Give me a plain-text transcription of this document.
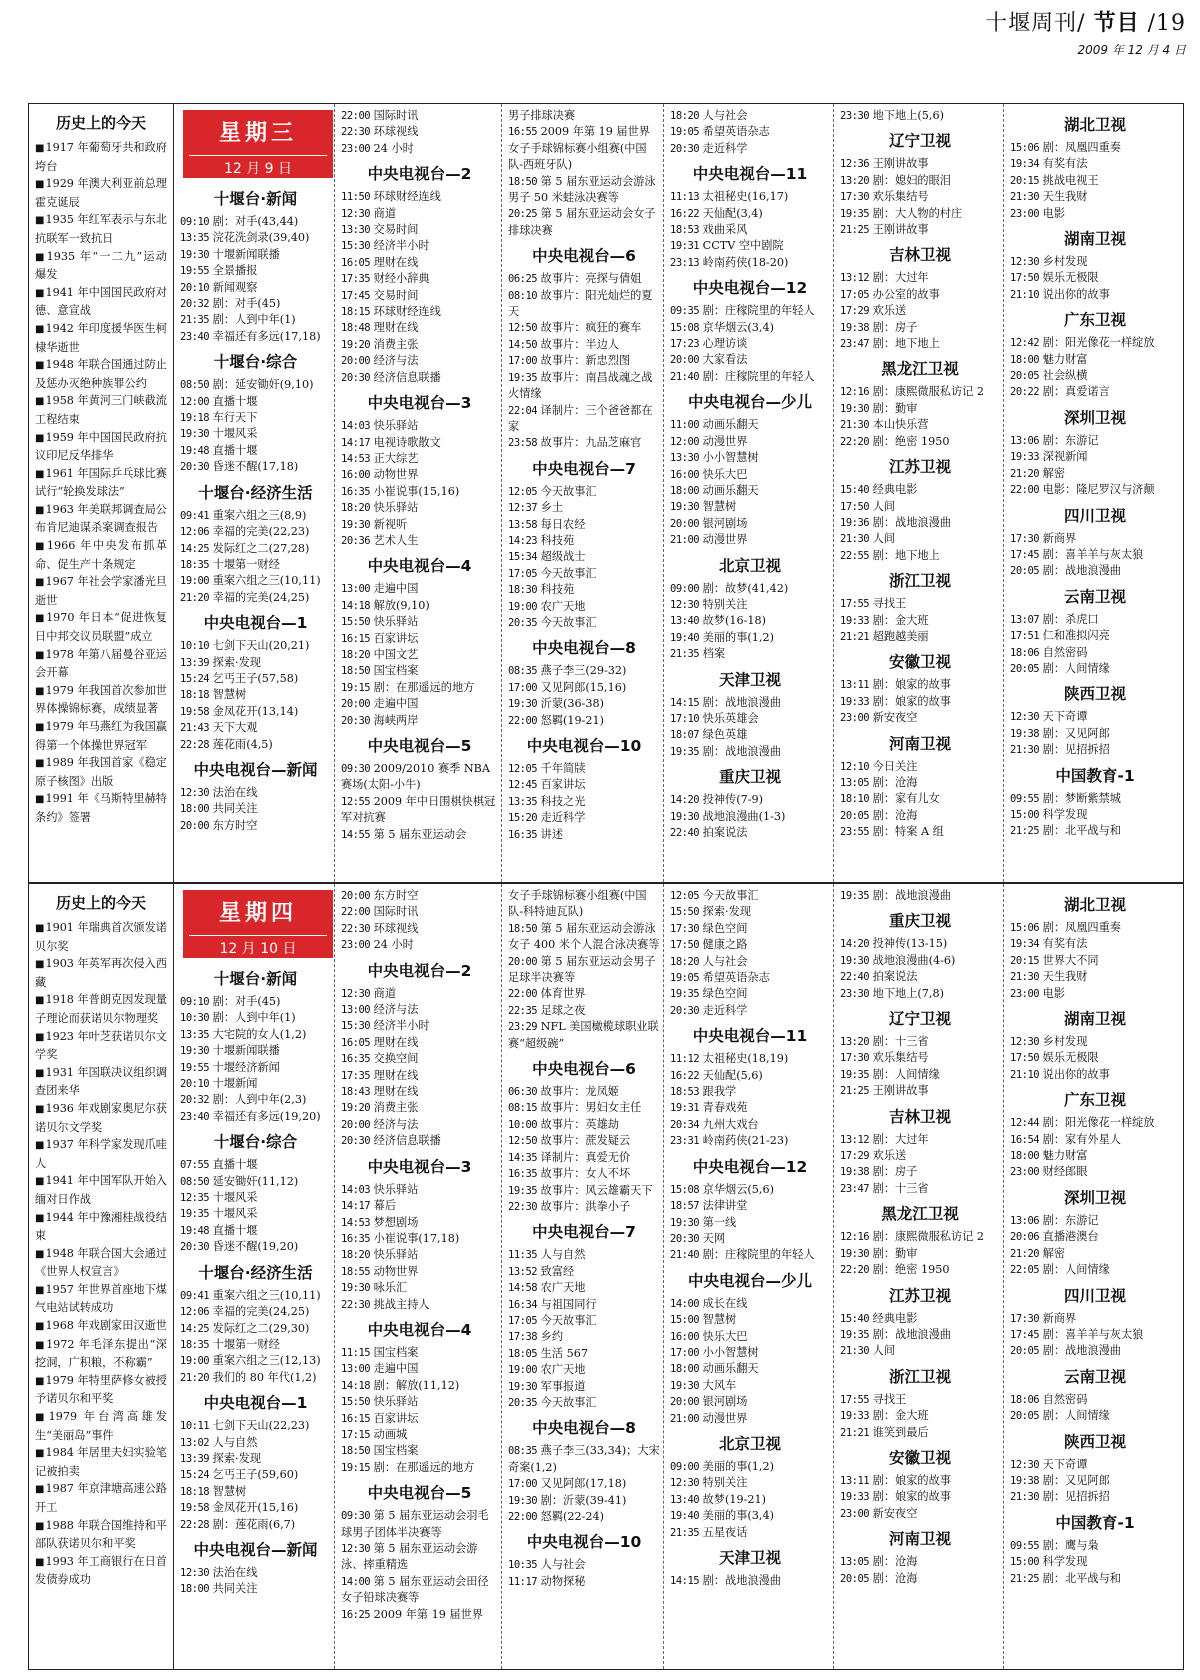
十堰周刊/ 节目 /19
2009 年 12 月 4 日
历史上的今天
■1917 年葡萄牙共和政府垮台
■1929 年澳大利亚前总理霍克诞辰
■1935 年红军表示与东北抗联军一致抗日
■1935 年“一二九”运动爆发
■1941 年中国国民政府对德、意宣战
■1942 年印度援华医生柯棣华逝世
■1948 年联合国通过防止及惩办灭绝种族罪公约
■1958 年黄河三门峡截流工程结束
■1959 年中国国民政府抗议印尼反华排华
■1961 年国际乒乓球比赛试行“轮换发球法”
■1963 年美联邦调查局公布肯尼迪谋杀案调查报告
■1966 年中央发布抓革命、促生产十条规定
■1967 年社会学家潘光旦逝世
■1970 年日本“促进恢复日中邦交议员联盟”成立
■1978 年第八届曼谷亚运会开幕
■1979 年我国首次参加世界体操锦标赛，成绩显著
■1979 年马燕红为我国赢得第一个体操世界冠军
■1989 年我国首家《稳定原子核图》出版
■1991 年《马斯特里赫特条约》签署
星期三
12 月 9 日
十堰台·新闻
09:10 剧：对手(43,44)
13:35 浣花洗剑录(39,40)
19:30 十堰新闻联播
19:55 全景播报
20:10 新闻观察
20:32 剧：对手(45)
21:35 剧：人到中年(1)
23:40 幸福还有多远(17,18)
十堰台·综合
08:50 剧：延安锄奸(9,10)
12:00 直播十堰
19:18 车行天下
19:30 十堰风采
19:48 直播十堰
20:30 昏迷不醒(17,18)
十堰台·经济生活
09:41 重案六组之三(8,9)
12:06 幸福的完美(22,23)
14:25 发际红之二(27,28)
18:35 十堰第一财经
19:00 重案六组之三(10,11)
21:20 幸福的完美(24,25)
中央电视台—1
10:10 七剑下天山(20,21)
13:39 探索·发现
15:24 乞丐王子(57,58)
18:18 智慧树
19:58 金凤花开(13,14)
21:43 天下大观
22:28 莲花雨(4,5)
中央电视台—新闻
12:30 法治在线
18:00 共同关注
20:00 东方时空
22:00 国际时讯
22:30 环球视线
23:00 24 小时
中央电视台—2
11:50 环球财经连线
12:30 商道
13:30 交易时间
15:30 经济半小时
16:05 理财在线
17:35 财经小辞典
17:45 交易时间
18:15 环球财经连线
18:48 理财在线
19:20 消费主张
20:00 经济与法
20:30 经济信息联播
中央电视台—3
14:03 快乐驿站
14:17 电视诗歌散文
14:53 正大综艺
16:00 动物世界
16:35 小崔说事(15,16)
18:20 快乐驿站
19:30 新视听
20:36 艺术人生
中央电视台—4
13:00 走遍中国
14:18 解放(9,10)
15:50 快乐驿站
16:15 百家讲坛
18:20 中国文艺
18:50 国宝档案
19:15 剧：在那遥远的地方
20:00 走遍中国
20:30 海峡两岸
中央电视台—5
09:30 2009/2010 赛季 NBA 赛场(太阳-小牛)
12:55 2009 年中日围棋快棋冠军对抗赛
14:55 第 5 届东亚运动会
男子排球决赛
16:55 2009 年第 19 届世界女子手球锦标赛小组赛(中国队-西班牙队)
18:50 第 5 届东亚运动会游泳男子 50 米蛙泳决赛等
20:25 第 5 届东亚运动会女子排球决赛
中央电视台—6
06:25 故事片：亮探与倩姐
08:10 故事片：阳光灿烂的夏天
12:50 故事片：疯狂的赛车
14:50 故事片：半边人
17:00 故事片：新忠烈图
19:35 故事片：南昌战魂之战火情缘
22:04 译制片：三个爸爸都在家
23:58 故事片：九品芝麻官
中央电视台—7
12:05 今天故事汇
12:37 乡土
13:58 每日农经
14:23 科技苑
15:34 超级战士
17:05 今天故事汇
18:30 科技苑
19:00 农广天地
20:35 今天故事汇
中央电视台—8
08:35 燕子李三(29-32)
17:00 又见阿郎(15,16)
19:30 沂蒙(36-38)
22:00 怒羁(19-21)
中央电视台—10
12:05 千年简牍
12:45 百家讲坛
13:35 科技之光
15:20 走近科学
16:35 讲述
18:20 人与社会
19:05 希望英语杂志
20:30 走近科学
中央电视台—11
11:13 太祖秘史(16,17)
16:22 天仙配(3,4)
18:53 戏曲采风
19:31 CCTV 空中剧院
23:13 岭南药侠(18-20)
中央电视台—12
09:35 剧：庄稼院里的年轻人
15:08 京华烟云(3,4)
17:23 心理访谈
20:00 大家看法
21:40 剧：庄稼院里的年轻人
中央电视台—少儿
11:00 动画乐翻天
12:00 动漫世界
13:30 小小智慧树
16:00 快乐大巴
18:00 动画乐翻天
19:30 智慧树
20:00 银河剧场
21:00 动漫世界
北京卫视
09:00 剧：故梦(41,42)
12:30 特别关注
13:40 故梦(16-18)
19:40 美丽的事(1,2)
21:35 档案
天津卫视
14:15 剧：战地浪漫曲
17:10 快乐英雄会
18:07 绿色英雄
19:35 剧：战地浪漫曲
重庆卫视
14:20 投神传(7-9)
19:30 战地浪漫曲(1-3)
22:40 拍案说法
23:30 地下地上(5,6)
辽宁卫视
12:36 王刚讲故事
13:20 剧：媳妇的眼泪
17:30 欢乐集结号
19:35 剧：大人物的村庄
21:25 王刚讲故事
吉林卫视
13:12 剧：大过年
17:05 办公室的故事
17:29 欢乐送
19:38 剧：房子
23:47 剧：地下地上
黑龙江卫视
12:16 剧：康熙微服私访记 2
19:30 剧：勤审
21:30 本山快乐营
22:20 剧：绝密 1950
江苏卫视
15:40 经典电影
17:50 人间
19:36 剧：战地浪漫曲
21:30 人间
22:55 剧：地下地上
浙江卫视
17:55 寻找王
19:33 剧：金大班
21:21 超跑越美丽
安徽卫视
13:11 剧：娘家的故事
19:33 剧：娘家的故事
23:00 新安夜空
河南卫视
12:10 今日关注
13:05 剧：沧海
18:10 剧：家有儿女
20:05 剧：沧海
23:55 剧：特案 A 组
湖北卫视
15:06 剧：凤凰四重奏
19:34 有奖有法
20:15 挑战电视王
21:30 天生我财
23:00 电影
湖南卫视
12:30 乡村发现
17:50 娱乐无极限
21:10 说出你的故事
广东卫视
12:42 剧：阳光像花一样绽放
18:00 魅力财富
20:05 社会纵横
20:22 剧：真爱诺言
深圳卫视
13:06 剧：东游记
19:33 深视新闻
21:20 解密
22:00 电影：隆尼罗汉与济颠
四川卫视
17:30 新商界
17:45 剧：喜羊羊与灰太狼
20:05 剧：战地浪漫曲
云南卫视
13:07 剧：杀虎口
17:51 仁和准拟闪亮
18:06 自然密码
20:05 剧：人间情缘
陕西卫视
12:30 天下奇谭
19:38 剧：又见阿郎
21:30 剧：见招拆招
中国教育-1
09:55 剧：梦断紫禁城
15:00 科学发现
21:25 剧：北平战与和
历史上的今天
■1901 年瑞典首次颁发诺贝尔奖
■1903 年英军再次侵入西藏
■1918 年普朗克因发现量子理论而获诺贝尔物理奖
■1923 年叶芝获诺贝尔文学奖
■1931 年国联决议组织调查团来华
■1936 年戏剧家奥尼尔获诺贝尔文学奖
■1937 年科学家发现爪哇人
■1941 年中国军队开始入缅对日作战
■1944 年中豫湘桂战役结束
■1948 年联合国大会通过《世界人权宣言》
■1957 年世界首座地下煤气电站试转成功
■1968 年戏剧家田汉逝世
■1972 年毛泽东提出“深挖洞，广积粮，不称霸”
■1979 年特里萨修女被授予诺贝尔和平奖
■1979 年台湾高雄发生“美丽岛”事件
■1984 年居里夫妇实验笔记被拍卖
■1987 年京津塘高速公路开工
■1988 年联合国维持和平部队获诺贝尔和平奖
■1993 年工商银行在日首发债券成功
星期四
12 月 10 日
十堰台·新闻
09:10 剧：对手(45)
10:30 剧：人到中年(1)
13:35 大宅院的女人(1,2)
19:30 十堰新闻联播
19:55 十堰经济新闻
20:10 十堰新闻
20:32 剧：人到中年(2,3)
23:40 幸福还有多远(19,20)
十堰台·综合
07:55 直播十堰
08:50 延安锄奸(11,12)
12:35 十堰风采
19:35 十堰风采
19:48 直播十堰
20:30 昏迷不醒(19,20)
十堰台·经济生活
09:41 重案六组之三(10,11)
12:06 幸福的完美(24,25)
14:25 发际红之二(29,30)
18:35 十堰第一财经
19:00 重案六组之三(12,13)
21:20 我们的 80 年代(1,2)
中央电视台—1
10:11 七剑下天山(22,23)
13:02 人与自然
13:39 探索·发现
15:24 乞丐王子(59,60)
18:18 智慧树
19:58 金凤花开(15,16)
22:28 剧：莲花雨(6,7)
中央电视台—新闻
12:30 法治在线
18:00 共同关注
20:00 东方时空
22:00 国际时讯
22:30 环球视线
23:00 24 小时
中央电视台—2
12:30 商道
13:00 经济与法
15:30 经济半小时
16:05 理财在线
16:35 交换空间
17:35 理财在线
18:43 理财在线
19:20 消费主张
20:00 经济与法
20:30 经济信息联播
中央电视台—3
14:03 快乐驿站
14:17 幕后
14:53 梦想剧场
16:35 小崔说事(17,18)
18:20 快乐驿站
18:55 动物世界
19:30 咏乐汇
22:30 挑战主持人
中央电视台—4
11:15 国宝档案
13:00 走遍中国
14:18 剧：解放(11,12)
15:50 快乐驿站
16:15 百家讲坛
17:15 动画城
18:50 国宝档案
19:15 剧：在那遥远的地方
中央电视台—5
09:30 第 5 届东亚运动会羽毛球男子团体半决赛等
12:30 第 5 届东亚运动会游泳、摔重精选
14:00 第 5 届东亚运动会田径女子铅球决赛等
16:25 2009 年第 19 届世界
女子手球锦标赛小组赛(中国队-科特迪瓦队)
18:50 第 5 届东亚运动会游泳女子 400 米个人混合泳决赛等
20:00 第 5 届东亚运动会男子足球半决赛等
22:00 体育世界
22:35 足球之夜
23:29 NFL 美国橄榄球职业联赛“超级碗”
中央电视台—6
06:30 故事片：龙凤姬
08:15 故事片：男妇女主任
10:00 故事片：英雄劫
12:50 故事片：蔗发疑云
14:35 译制片：真爱无价
16:35 故事片：女人不坏
19:35 故事片：风云雄霸天下
22:30 故事片：洪拳小子
中央电视台—7
11:35 人与自然
13:52 致富经
14:58 农广天地
16:34 与祖国同行
17:05 今天故事汇
17:38 乡约
18:05 生活 567
19:00 农广天地
19:30 军事报道
20:35 今天故事汇
中央电视台—8
08:35 燕子李三(33,34)；大宋奇案(1,2)
17:00 又见阿郎(17,18)
19:30 剧：沂蒙(39-41)
22:00 怒羁(22-24)
中央电视台—10
10:35 人与社会
11:17 动物探秘
12:05 今天故事汇
15:50 探索·发现
17:30 绿色空间
17:50 健康之路
18:20 人与社会
19:05 希望英语杂志
19:35 绿色空间
20:30 走近科学
中央电视台—11
11:12 太祖秘史(18,19)
16:22 天仙配(5,6)
18:53 跟我学
19:31 青春戏苑
20:34 九州大戏台
23:31 岭南药侠(21-23)
中央电视台—12
15:08 京华烟云(5,6)
18:57 法律讲堂
19:30 第一线
20:30 天网
21:40 剧：庄稼院里的年轻人
中央电视台—少儿
14:00 成长在线
15:00 智慧树
16:00 快乐大巴
17:00 小小智慧树
18:00 动画乐翻天
19:30 大风车
20:00 银河剧场
21:00 动漫世界
北京卫视
09:00 美丽的事(1,2)
12:30 特别关注
13:40 故梦(19-21)
19:40 美丽的事(3,4)
21:35 五星夜话
天津卫视
14:15 剧：战地浪漫曲
19:35 剧：战地浪漫曲
重庆卫视
14:20 投神传(13-15)
19:30 战地浪漫曲(4-6)
22:40 拍案说法
23:30 地下地上(7,8)
辽宁卫视
13:20 剧：十三省
17:30 欢乐集结号
19:35 剧：人间情缘
21:25 王刚讲故事
吉林卫视
13:12 剧：大过年
17:29 欢乐送
19:38 剧：房子
23:47 剧：十三省
黑龙江卫视
12:16 剧：康熙微服私访记 2
19:30 剧：勤审
22:20 剧：绝密 1950
江苏卫视
15:40 经典电影
19:35 剧：战地浪漫曲
21:30 人间
浙江卫视
17:55 寻找王
19:33 剧：金大班
21:21 谁笑到最后
安徽卫视
13:11 剧：娘家的故事
19:33 剧：娘家的故事
23:00 新安夜空
河南卫视
13:05 剧：沧海
20:05 剧：沧海
湖北卫视
15:06 剧：凤凰四重奏
19:34 有奖有法
20:15 世界大不同
21:30 天生我财
23:00 电影
湖南卫视
12:30 乡村发现
17:50 娱乐无极限
21:10 说出你的故事
广东卫视
12:44 剧：阳光像花一样绽放
16:54 剧：家有外星人
18:00 魅力财富
23:00 财经郎眼
深圳卫视
13:06 剧：东游记
20:06 直播港澳台
21:20 解密
22:05 剧：人间情缘
四川卫视
17:30 新商界
17:45 剧：喜羊羊与灰太狼
20:05 剧：战地浪漫曲
云南卫视
18:06 自然密码
20:05 剧：人间情缘
陕西卫视
12:30 天下奇谭
19:38 剧：又见阿郎
21:30 剧：见招拆招
中国教育-1
09:55 剧：鹰与枭
15:00 科学发现
21:25 剧：北平战与和
